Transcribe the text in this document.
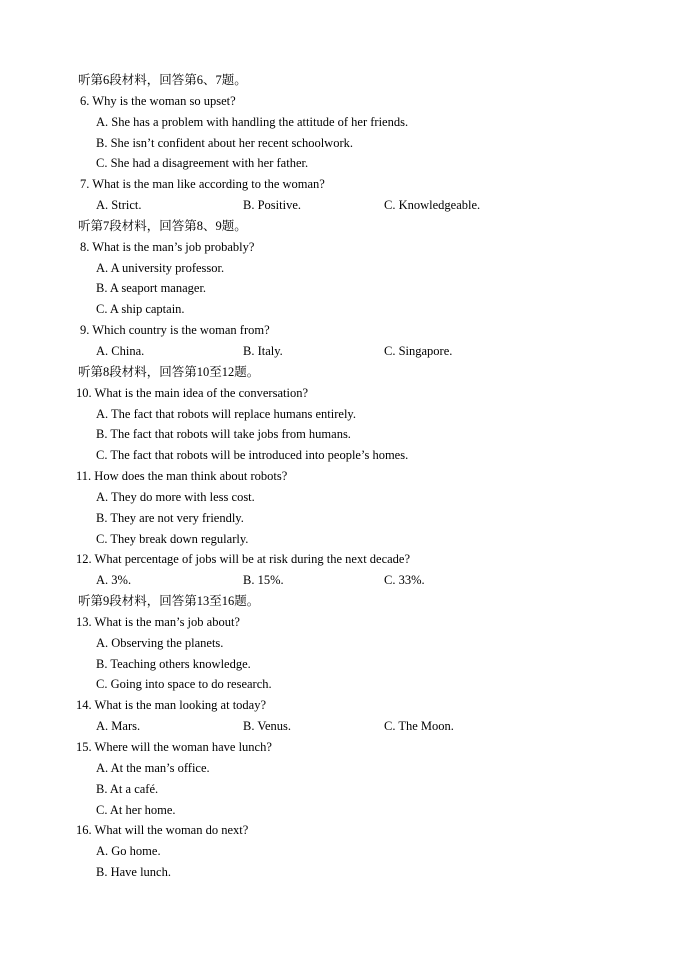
听第6段材料，回答第6、7题。
6. Why is the woman so upset?
A. She has a problem with handling the attitude of her friends.
B. She isn’t confident about her recent schoolwork.
C. She had a disagreement with her father.
7. What is the man like according to the woman?
A. Strict.	B. Positive.	C. Knowledgeable.
听第7段材料，回答第8、9题。
8. What is the man’s job probably?
A. A university professor.
B. A seaport manager.
C. A ship captain.
9. Which country is the woman from?
A. China.	B. Italy.	C. Singapore.
听第8段材料，回答第10至12题。
10. What is the main idea of the conversation?
A. The fact that robots will replace humans entirely.
B. The fact that robots will take jobs from humans.
C. The fact that robots will be introduced into people’s homes.
11. How does the man think about robots?
A. They do more with less cost.
B. They are not very friendly.
C. They break down regularly.
12. What percentage of jobs will be at risk during the next decade?
A. 3%.	B. 15%.	C. 33%.
听第9段材料，回答第13至16题。
13. What is the man’s job about?
A. Observing the planets.
B. Teaching others knowledge.
C. Going into space to do research.
14. What is the man looking at today?
A. Mars.	B. Venus.	C. The Moon.
15. Where will the woman have lunch?
A. At the man’s office.
B. At a café.
C. At her home.
16. What will the woman do next?
A. Go home.
B. Have lunch.
